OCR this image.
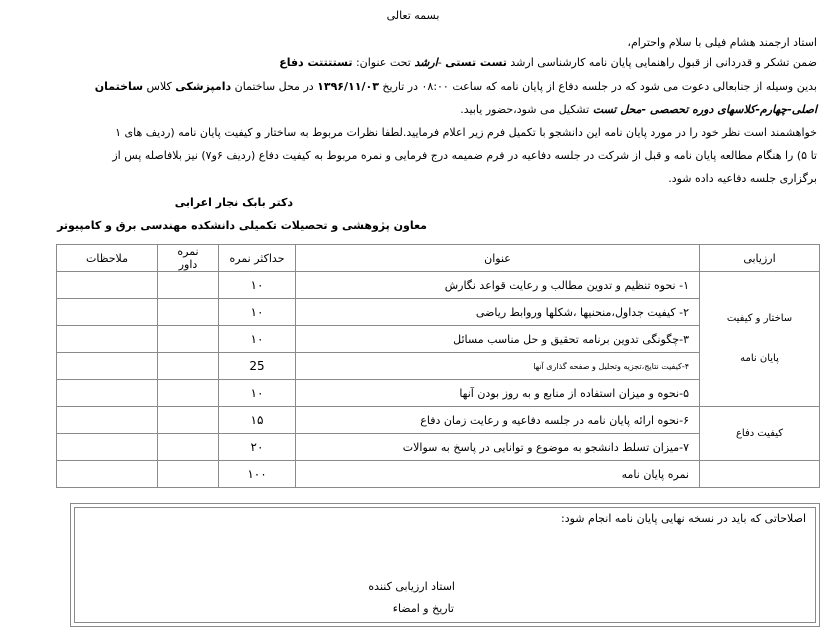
بسمه تعالی
استاد ارجمند هشام فیلی با سلام واحترام،
ضمن تشکر و قدردانی از قبول راهنمایی پایان نامه کارشناسی ارشد تست تستی -ارشد تحت عنوان: تستتتتت دفاع
بدین وسیله از جنابعالی دعوت می شود که در جلسه دفاع از پایان نامه که ساعت ۰۸:۰۰ در تاریخ ۱۳۹۶/۱۱/۰۳ در محل ساختمان دامپزشکی کلاس ساختمان
اصلی-چهارم-کلاسهای دوره تحصصی -محل تست تشکیل می شود،حضور یابید.
خواهشمند است نظر خود را در مورد پایان نامه این دانشجو با تکمیل فرم زیر اعلام فرمایید.لطفا نظرات مربوط به ساختار و کیفیت پایان نامه (ردیف های ۱
تا ۵) را هنگام مطالعه پایان نامه و قبل از شرکت در جلسه دفاعیه در فرم ضمیمه درج فرمایی و نمره مربوط به کیفیت دفاع (ردیف ۶و۷) نیز بلافاصله پس از
برگزاری جلسه دفاعیه داده شود.
دکتر بابک نجار اعرابی
معاون پژوهشی و تحصیلات تکمیلی دانشکده مهندسی برق و کامپیوتر
ارزیابی	عنوان	حداکثر نمره	نمره داور	ملاحظات
ساختار و کیفیت
پایان نامه	۱- نحوه تنظیم و تدوین مطالب و رعایت قواعد نگارش	۱۰		
	۲- کیفیت جداول،منحنیها ،شکلها وروابط ریاضی	۱۰		
	۳-چگونگی تدوین برنامه تحقیق و حل مناسب مسائل	۱۰		
	۴-کیفیت نتایج،تجزیه وتحلیل و صفحه گذاری آنها	25		
	۵-نحوه و میزان استفاده از منابع و به روز بودن آنها	۱۰		
کیفیت دفاع	۶-نحوه ارائه پایان نامه در جلسه دفاعیه و رعایت زمان دفاع	۱۵		
	۷-میزان تسلط دانشجو به موضوع و توانایی در پاسخ به سوالات	۲۰		
	نمره پایان نامه	۱۰۰		
اصلاحاتی که باید در نسخه نهایی پایان نامه انجام شود:
استاد ارزیابی کننده
تاریخ و امضاء
